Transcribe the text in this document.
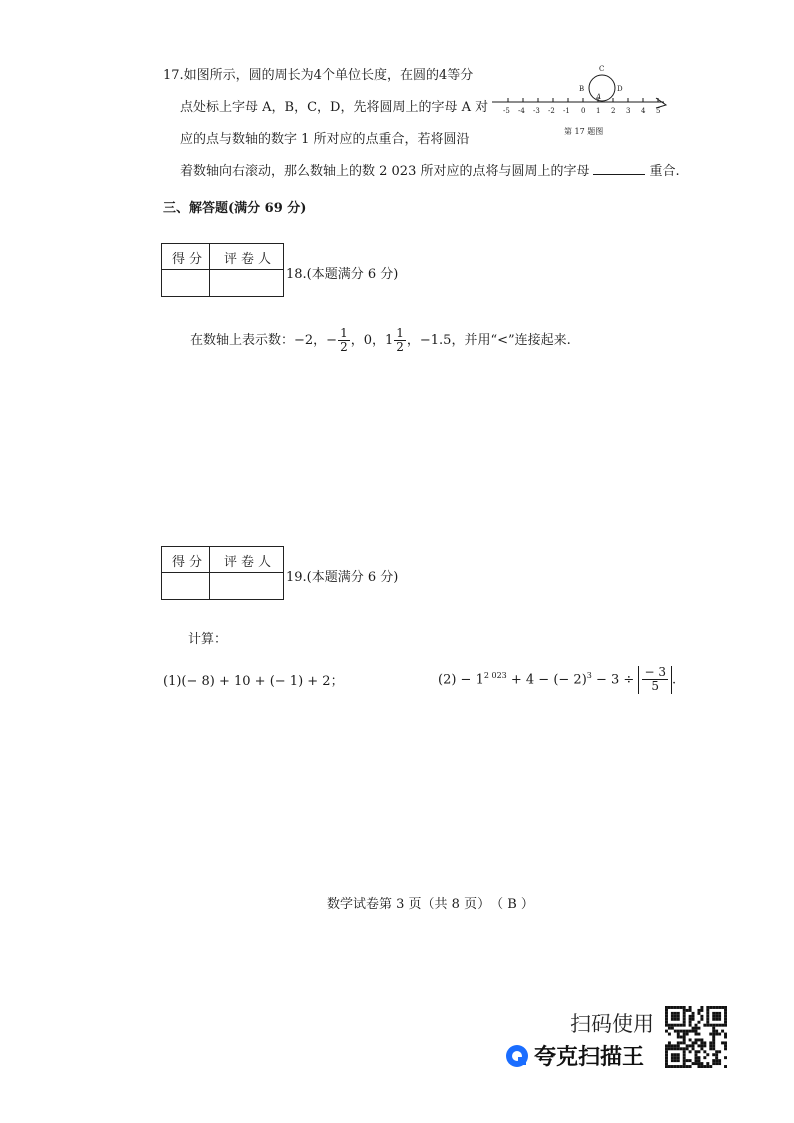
17.如图所示，圆的周长为4个单位长度，在圆的4等分
点处标上字母 A，B，C，D，先将圆周上的字母 A 对
应的点与数轴的数字 1 所对应的点重合，若将圆沿
着数轴向右滚动，那么数轴上的数 2 023 所对应的点将与圆周上的字母	重合.
-5 -4 -3 -2 -1 0 1 2 3 4 5
C
B	D
A
第 17 题图
三、解答题(满分 69 分)
得分 评卷人
18.(本题满分 6 分)
在数轴上表示数：−2，− $\frac{1}{2}$ ，0，$1 \frac{1}{2}$ ，−1.5，并用“<”连接起来.
得分 评卷人
19.(本题满分 6 分)
计算：
(1)(− 8) + 10 + (− 1) + 2；	$(2) - 1^{2 023} + 4$ − (− $2)^3 - 3 \div \frac{- 3}{5}$ .
数学试卷第 3 页（共 8 页）　（ B ）
扫码使用
夸克扫描王
